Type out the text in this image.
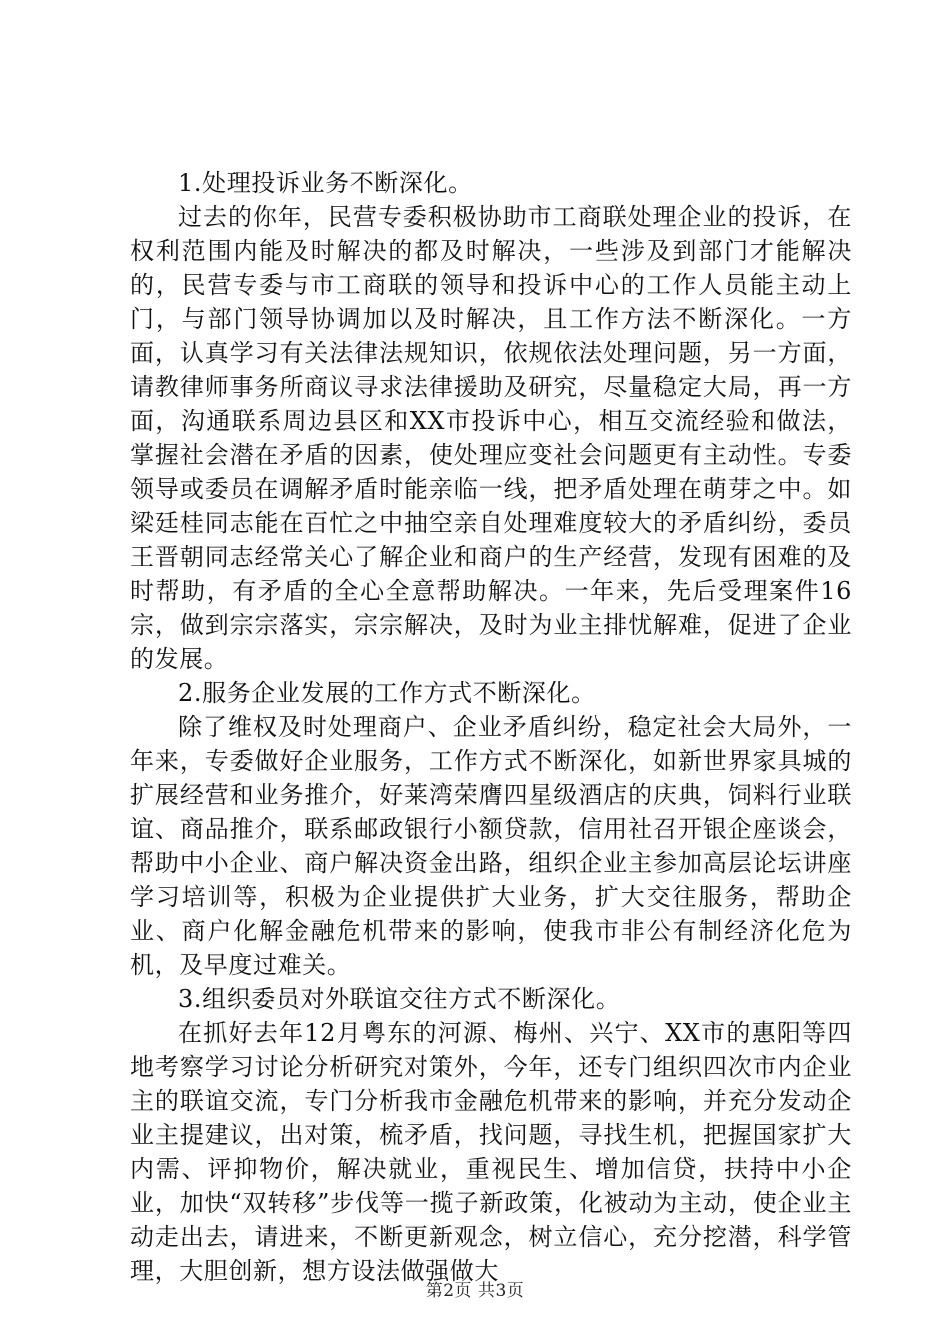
1.处理投诉业务不断深化。

过去的你年，民营专委积极协助市工商联处理企业的投诉，在权利范围内能及时解决的都及时解决，一些涉及到部门才能解决的，民营专委与市工商联的领导和投诉中心的工作人员能主动上门，与部门领导协调加以及时解决，且工作方法不断深化。一方面，认真学习有关法律法规知识，依规依法处理问题，另一方面，请教律师事务所商议寻求法律援助及研究，尽量稳定大局，再一方面，沟通联系周边县区和XX市投诉中心，相互交流经验和做法，掌握社会潜在矛盾的因素，使处理应变社会问题更有主动性。专委领导或委员在调解矛盾时能亲临一线，把矛盾处理在萌芽之中。如梁廷桂同志能在百忙之中抽空亲自处理难度较大的矛盾纠纷，委员王晋朝同志经常关心了解企业和商户的生产经营，发现有困难的及时帮助，有矛盾的全心全意帮助解决。一年来，先后受理案件16宗，做到宗宗落实，宗宗解决，及时为业主排忧解难，促进了企业的发展。

2.服务企业发展的工作方式不断深化。

除了维权及时处理商户、企业矛盾纠纷，稳定社会大局外，一年来，专委做好企业服务，工作方式不断深化，如新世界家具城的扩展经营和业务推介，好莱湾荣膺四星级酒店的庆典，饲料行业联谊、商品推介，联系邮政银行小额贷款，信用社召开银企座谈会，帮助中小企业、商户解决资金出路，组织企业主参加高层论坛讲座学习培训等，积极为企业提供扩大业务，扩大交往服务，帮助企业、商户化解金融危机带来的影响，使我市非公有制经济化危为机，及早度过难关。

3.组织委员对外联谊交往方式不断深化。

在抓好去年12月粤东的河源、梅州、兴宁、XX市的惠阳等四地考察学习讨论分析研究对策外，今年，还专门组织四次市内企业主的联谊交流，专门分析我市金融危机带来的影响，并充分发动企业主提建议，出对策，梳矛盾，找问题，寻找生机，把握国家扩大内需、评抑物价，解决就业，重视民生、增加信贷，扶持中小企业，加快“双转移”步伐等一揽子新政策，化被动为主动，使企业主动走出去，请进来，不断更新观念，树立信心，充分挖潜，科学管理，大胆创新，想方设法做强做大

第2页 共3页
